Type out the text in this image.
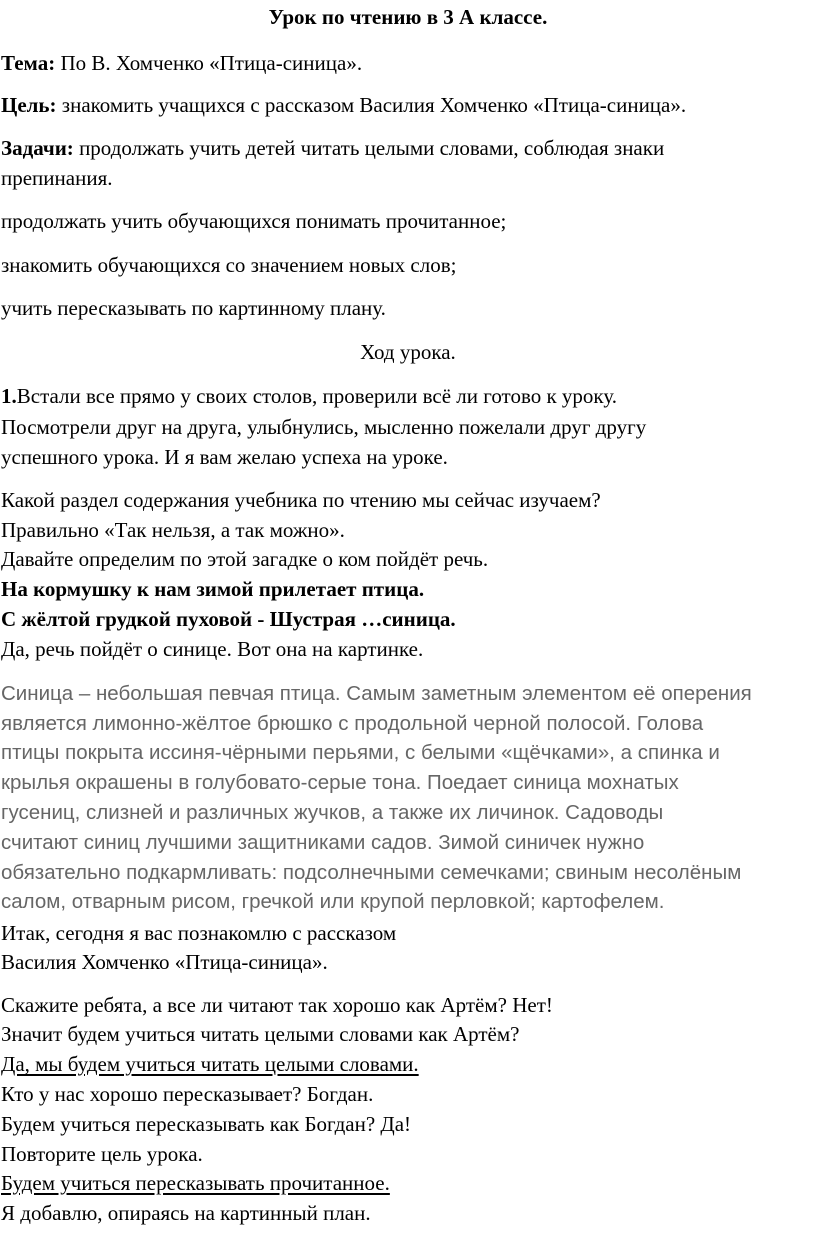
Урок по чтению в 3 А классе.
Тема: По В. Хомченко «Птица-синица».
Цель: знакомить учащихся с рассказом Василия Хомченко «Птица-синица».
Задачи: продолжать учить детей читать целыми словами, соблюдая знаки
препинания.
продолжать учить обучающихся понимать прочитанное;
знакомить обучающихся со значением новых слов;
учить пересказывать по картинному плану.
Ход урока.
1.Встали все прямо у своих столов, проверили всё ли готово к уроку.
Посмотрели друг на друга, улыбнулись, мысленно пожелали друг другу
успешного урока. И я вам желаю успеха на уроке.
Какой раздел содержания учебника по чтению мы сейчас изучаем?
Правильно «Так нельзя, а так можно».
Давайте определим по этой загадке о ком пойдёт речь.
На кормушку к нам зимой прилетает птица.
С жёлтой грудкой пуховой - Шустрая …синица.
Да, речь пойдёт о синице. Вот она на картинке.
Синица – небольшая певчая птица. Самым заметным элементом её оперения
является лимонно-жёлтое брюшко с продольной черной полосой. Голова
птицы покрыта иссиня-чёрными перьями, с белыми «щёчками», а спинка и
крылья окрашены в голубовато-серые тона. Поедает синица мохнатых
гусениц, слизней и различных жучков, а также их личинок. Садоводы
считают синиц лучшими защитниками садов. Зимой синичек нужно
обязательно подкармливать: подсолнечными семечками; свиным несолёным
салом, отварным рисом, гречкой или крупой перловкой; картофелем.
Итак, сегодня я вас познакомлю с рассказом
Василия Хомченко «Птица-синица».
Скажите ребята, а все ли читают так хорошо как Артём? Нет!
Значит будем учиться читать целыми словами как Артём?
Да, мы будем учиться читать целыми словами.
Кто у нас хорошо пересказывает? Богдан.
Будем учиться пересказывать как Богдан? Да!
Повторите цель урока.
Будем учиться пересказывать прочитанное.
Я добавлю, опираясь на картинный план.
